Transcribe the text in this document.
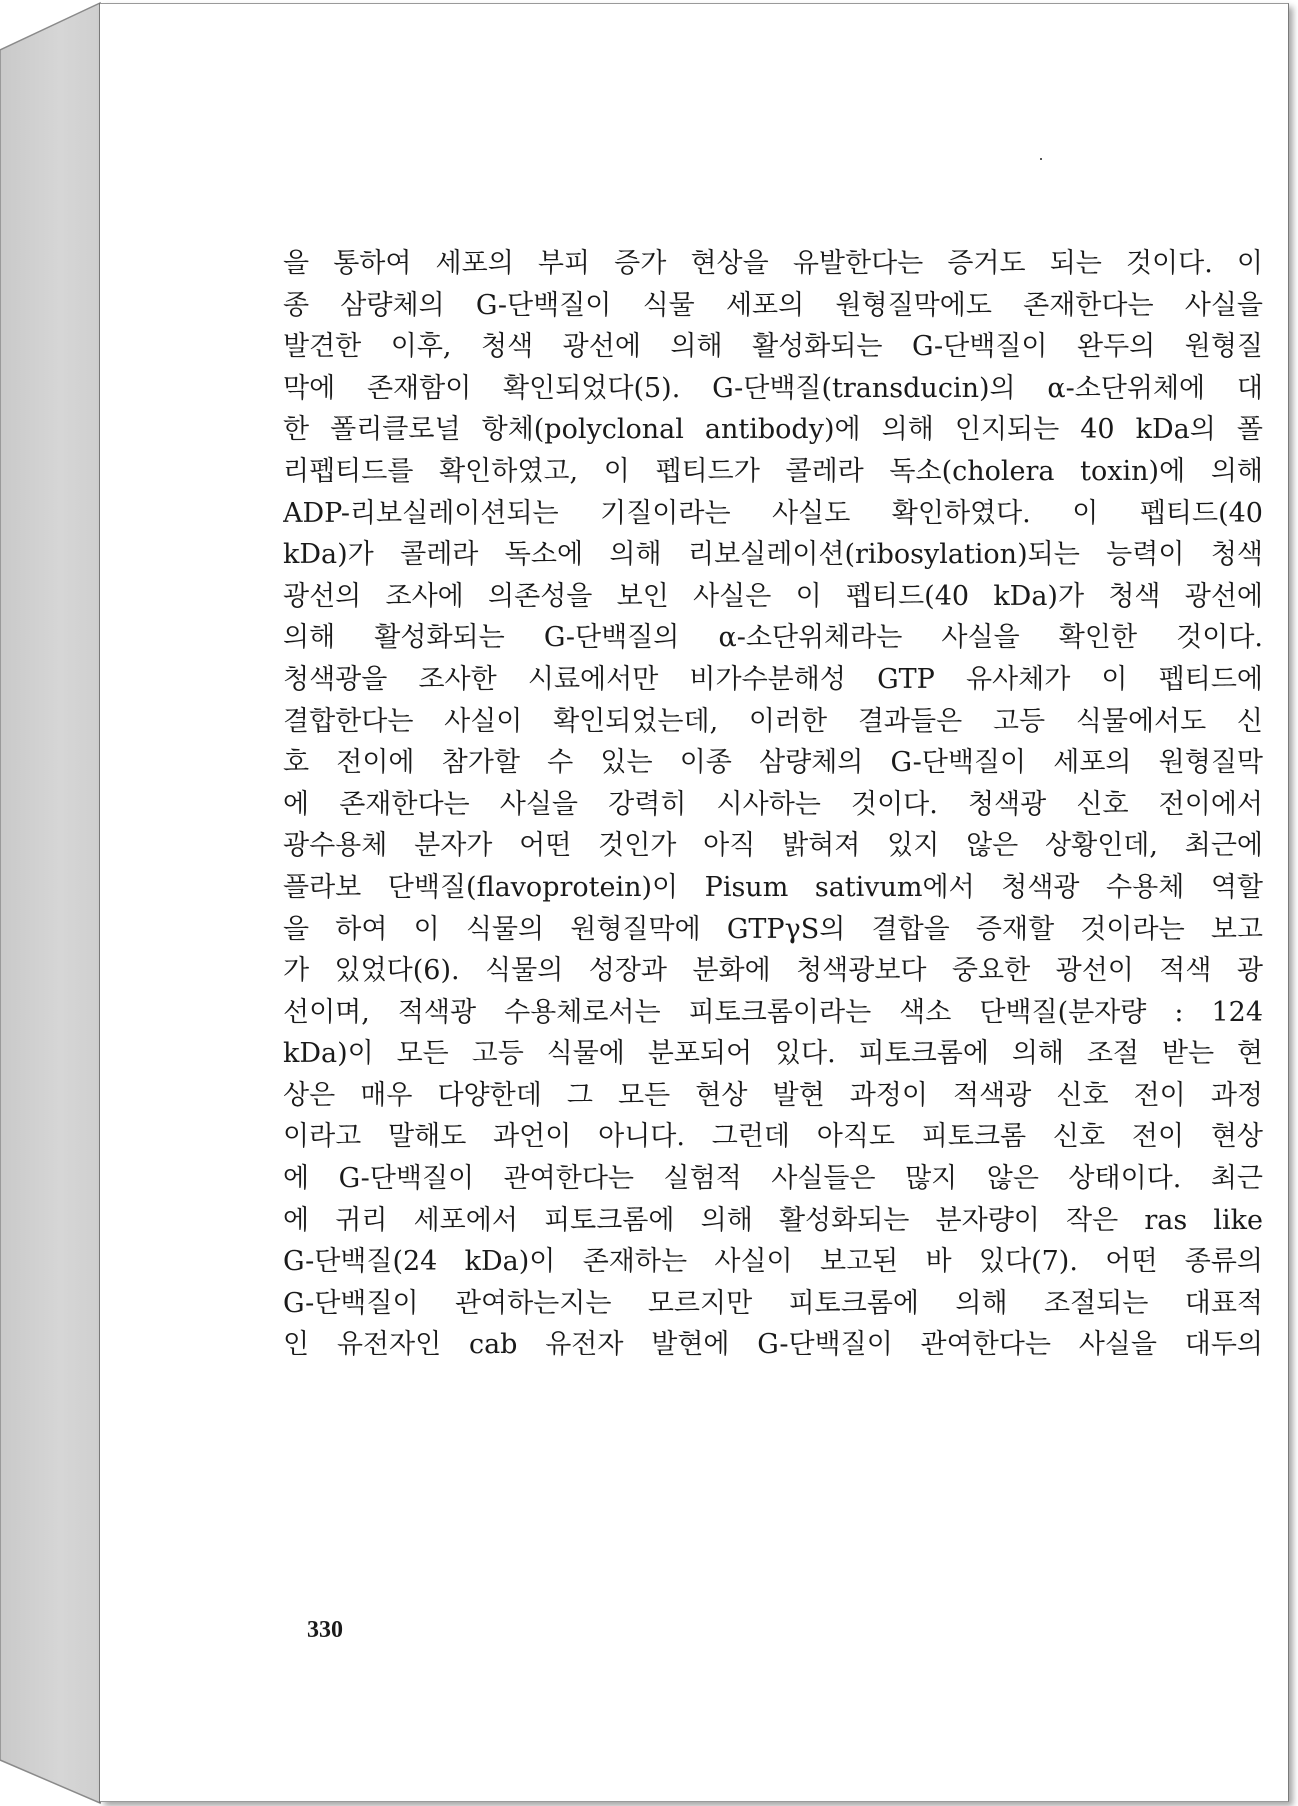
을 통하여 세포의 부피 증가 현상을 유발한다는 증거도 되는 것이다. 이
종 삼량체의 G-단백질이 식물 세포의 원형질막에도 존재한다는 사실을
발견한 이후, 청색 광선에 의해 활성화되는 G-단백질이 완두의 원형질
막에 존재함이 확인되었다(5). G-단백질(transducin)의 α-소단위체에 대
한 폴리클로널 항체(polyclonal antibody)에 의해 인지되는 40 kDa의 폴
리펩티드를 확인하였고, 이 펩티드가 콜레라 독소(cholera toxin)에 의해
ADP-리보실레이션되는 기질이라는 사실도 확인하였다. 이 펩티드(40
kDa)가 콜레라 독소에 의해 리보실레이션(ribosylation)되는 능력이 청색
광선의 조사에 의존성을 보인 사실은 이 펩티드(40 kDa)가 청색 광선에
의해 활성화되는 G-단백질의 α-소단위체라는 사실을 확인한 것이다.
청색광을 조사한 시료에서만 비가수분해성 GTP 유사체가 이 펩티드에
결합한다는 사실이 확인되었는데, 이러한 결과들은 고등 식물에서도 신
호 전이에 참가할 수 있는 이종 삼량체의 G-단백질이 세포의 원형질막
에 존재한다는 사실을 강력히 시사하는 것이다. 청색광 신호 전이에서
광수용체 분자가 어떤 것인가 아직 밝혀져 있지 않은 상황인데, 최근에
플라보 단백질(flavoprotein)이 Pisum sativum에서 청색광 수용체 역할
을 하여 이 식물의 원형질막에 GTPγS의 결합을 증재할 것이라는 보고
가 있었다(6). 식물의 성장과 분화에 청색광보다 중요한 광선이 적색 광
선이며, 적색광 수용체로서는 피토크롬이라는 색소 단백질(분자량 : 124
kDa)이 모든 고등 식물에 분포되어 있다. 피토크롬에 의해 조절 받는 현
상은 매우 다양한데 그 모든 현상 발현 과정이 적색광 신호 전이 과정
이라고 말해도 과언이 아니다. 그런데 아직도 피토크롬 신호 전이 현상
에 G-단백질이 관여한다는 실험적 사실들은 많지 않은 상태이다. 최근
에 귀리 세포에서 피토크롬에 의해 활성화되는 분자량이 작은 ras like
G-단백질(24 kDa)이 존재하는 사실이 보고된 바 있다(7). 어떤 종류의
G-단백질이 관여하는지는 모르지만 피토크롬에 의해 조절되는 대표적
인 유전자인 cab 유전자 발현에 G-단백질이 관여한다는 사실을 대두의

330
